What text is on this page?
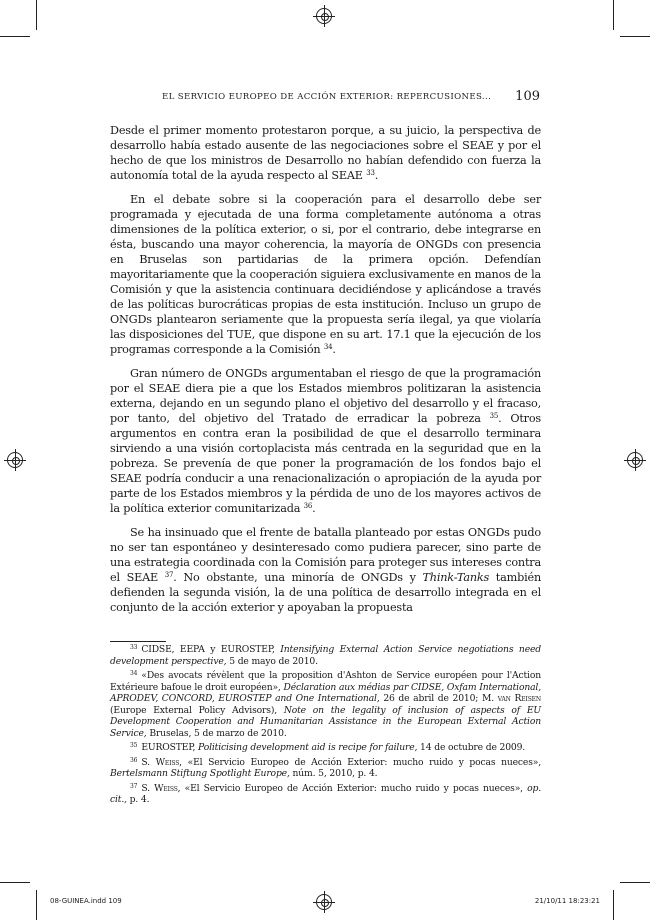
EL SERVICIO EUROPEO DE ACCIÓN EXTERIOR: REPERCUSIONES... 109

Desde el primer momento protestaron porque, a su juicio, la perspectiva de desarrollo había estado ausente de las negociaciones sobre el SEAE y por el hecho de que los ministros de Desarrollo no habían defendido con fuerza la autonomía total de la ayuda respecto al SEAE $^{33}$.

En el debate sobre si la cooperación para el desarrollo debe ser programada y ejecutada de una forma completamente autónoma a otras dimensiones de la política exterior, o si, por el contrario, debe integrarse en ésta, buscando una mayor coherencia, la mayoría de ONGDs con presencia en Bruselas son partidarias de la primera opción. Defendían mayoritariamente que la cooperación siguiera exclusivamente en manos de la Comisión y que la asistencia continuara decidiéndose y aplicándose a través de las políticas burocráticas propias de esta institución. Incluso un grupo de ONGDs plantearon seriamente que la propuesta sería ilegal, ya que violaría las disposiciones del TUE, que dispone en su art. 17.1 que la ejecución de los programas corresponde a la Comisión $^{34}$.

Gran número de ONGDs argumentaban el riesgo de que la programación por el SEAE diera pie a que los Estados miembros politizaran la asistencia externa, dejando en un segundo plano el objetivo del desarrollo y el fracaso, por tanto, del objetivo del Tratado de erradicar la pobreza $^{35}$. Otros argumentos en contra eran la posibilidad de que el desarrollo terminara sirviendo a una visión cortoplacista más centrada en la seguridad que en la pobreza. Se prevenía de que poner la programación de los fondos bajo el SEAE podría conducir a una renacionalización o apropiación de la ayuda por parte de los Estados miembros y la pérdida de uno de los mayores activos de la política exterior comunitarizada $^{36}$.

Se ha insinuado que el frente de batalla planteado por estas ONGDs pudo no ser tan espontáneo y desinteresado como pudiera parecer, sino parte de una estrategia coordinada con la Comisión para proteger sus intereses contra el SEAE $^{37}$. No obstante, una minoría de ONGDs y Think-Tanks también defienden la segunda visión, la de una política de desarrollo integrada en el conjunto de la acción exterior y apoyaban la propuesta

$^{33}$ CIDSE, EEPA y EUROSTEP, Intensifying External Action Service negotiations need development perspective, 5 de mayo de 2010.

$^{34}$ «Des avocats révèlent que la proposition d'Ashton de Service européen pour l'Action Extérieure bafoue le droit européen», Déclaration aux médias par CIDSE, Oxfam International, APRODEV, CONCORD, EUROSTEP and One International, 26 de abril de 2010; M. van Reisen (Europe External Policy Advisors), Note on the legality of inclusion of aspects of EU Development Cooperation and Humanitarian Assistance in the European External Action Service, Bruselas, 5 de marzo de 2010.

$^{35}$ EUROSTEP, Politicising development aid is recipe for failure, 14 de octubre de 2009.

$^{36}$ S. Weiss, «El Servicio Europeo de Acción Exterior: mucho ruido y pocas nueces», Bertelsmann Stiftung Spotlight Europe, núm. 5, 2010, p. 4.

$^{37}$ S. Weiss, «El Servicio Europeo de Acción Exterior: mucho ruido y pocas nueces», op. cit., p. 4.

08-GUINEA.indd 109	21/10/11 18:23:21
